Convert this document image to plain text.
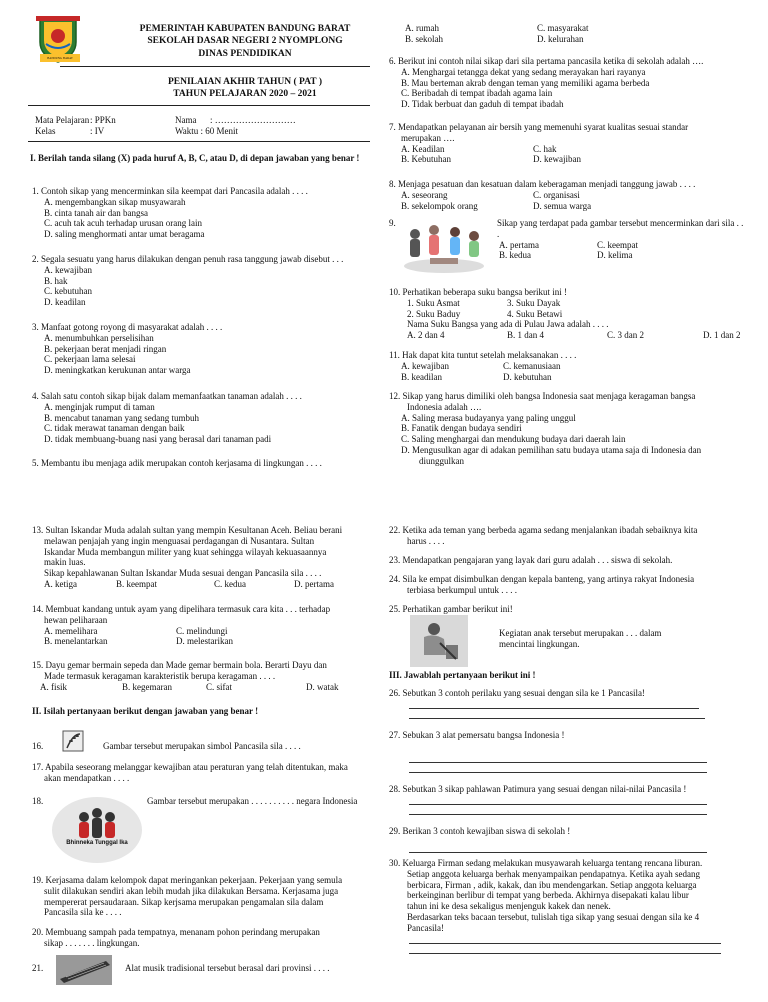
BANDUNG BARAT
PEMERINTAH KABUPATEN BANDUNG BARAT
SEKOLAH DASAR NEGERI 2 NYOMPLONG
DINAS PENDIDIKAN
PENILAIAN AKHIR TAHUN ( PAT )
TAHUN PELAJARAN 2020 – 2021
Mata Pelajaran : PPKn	Nama	: ………………………
Kelas	: IV	Waktu : 60 Menit
I. Berilah tanda silang (X) pada huruf A, B, C, atau D, di depan jawaban yang benar !
1. Contoh sikap yang mencerminkan sila keempat dari Pancasila adalah . . . .
A. mengembangkan sikap musyawarah
B. cinta tanah air dan bangsa
C. acuh tak acuh terhadap urusan orang lain
D. saling menghormati antar umat beragama
2. Segala sesuatu yang harus dilakukan dengan penuh rasa tanggung jawab disebut . . .
A. kewajiban
B. hak
C. kebutuhan
D. keadilan
3. Manfaat gotong royong di masyarakat adalah . . . .
A. menumbuhkan perselisihan
B. pekerjaan berat menjadi ringan
C. pekerjaan lama selesai
D. meningkatkan kerukunan antar warga
4. Salah satu contoh sikap bijak dalam memanfaatkan tanaman adalah . . . .
A. menginjak rumput di taman
B. mencabut tanaman yang sedang tumbuh
C. tidak merawat tanaman dengan baik
D. tidak membuang-buang nasi yang berasal dari tanaman padi
5. Membantu ibu menjaga adik merupakan contoh kerjasama di lingkungan . . . .
A. rumah	C. masyarakat
B. sekolah	D. kelurahan
6. Berikut ini contoh nilai sikap dari sila pertama pancasila ketika di sekolah adalah ….
A. Menghargai tetangga dekat yang sedang merayakan hari rayanya
B. Mau berteman akrab dengan teman yang memiliki agama berbeda
C. Beribadah di tempat ibadah agama lain
D. Tidak berbuat dan gaduh di tempat ibadah
7. Mendapatkan pelayanan air bersih yang memenuhi syarat kualitas sesuai standar
merupakan ….
A. Keadilan	C. hak
B. Kebutuhan	D. kewajiban
8. Menjaga pesatuan dan kesatuan dalam keberagaman menjadi tanggung jawab . . . .
A. seseorang	C. organisasi
B. sekelompok orang	D. semua warga
9.	Sikap yang terdapat pada gambar tersebut mencerminkan dari sila . . .
A. pertama	C. keempat
B. kedua	D. kelima
10. Perhatikan beberapa suku bangsa berikut ini !
1. Suku Asmat	3. Suku Dayak
2. Suku Baduy	4. Suku Betawi
Nama Suku Bangsa yang ada di Pulau Jawa adalah . . . .
A. 2 dan 4	B. 1 dan 4	C. 3 dan 2	D. 1 dan 2
11. Hak dapat kita tuntut setelah melaksanakan . . . .
A. kewajiban	C. kemanusiaan
B. keadilan	D. kebutuhan
12. Sikap yang harus dimiliki oleh bangsa Indonesia saat menjaga keragaman bangsa
Indonesia adalah ….
A. Saling merasa budayanya yang paling unggul
B. Fanatik dengan budaya sendiri
C. Saling menghargai dan mendukung budaya dari daerah lain
D. Mengusulkan agar di adakan pemilihan satu budaya utama saja di Indonesia dan
diunggulkan
13. Sultan Iskandar Muda adalah sultan yang mempin Kesultanan Aceh. Beliau berani
melawan penjajah yang ingin menguasai perdagangan di Nusantara. Sultan
Iskandar Muda membangun militer yang kuat sehingga wilayah kekuasaannya
makin luas.
Sikap kepahlawanan Sultan Iskandar Muda sesuai dengan Pancasila sila . . . .
A. ketiga	B. keempat	C. kedua	D. pertama
14. Membuat kandang untuk ayam yang dipelihara termasuk cara kita . . . terhadap
hewan peliharaan
A. memelihara	C. melindungi
B. menelantarkan	D. melestarikan
15. Dayu gemar bermain sepeda dan Made gemar bermain bola. Berarti Dayu dan
Made termasuk keragaman karakteristik berupa keragaman . . . .
A. fisik	B. kegemaran	C. sifat	D. watak
II. Isilah pertanyaan berikut dengan jawaban yang benar !
16.	Gambar tersebut merupakan simbol Pancasila sila . . . .
17. Apabila seseorang melanggar kewajiban atau peraturan yang telah ditentukan, maka
akan mendapatkan . . . .
18.
Bhinneka Tunggal Ika
Gambar tersebut merupakan . . . . . . . . . . negara Indonesia
19. Kerjasama dalam kelompok dapat meringankan pekerjaan. Pekerjaan yang semula
sulit dilakukan sendiri akan lebih mudah jika dilakukan Bersama. Kerjasama juga
mempererat persaudaraan. Sikap kerjsama merupakan pengamalan sila dalam
Pancasila sila ke . . . .
20. Membuang sampah pada tempatnya, menanam pohon perindang merupakan
sikap . . . . . . . lingkungan.
21.	Alat musik tradisional tersebut berasal dari provinsi . . . .
22. Ketika ada teman yang berbeda agama sedang menjalankan ibadah sebaiknya kita
harus . . . .
23. Mendapatkan pengajaran yang layak dari guru adalah . . . siswa di sekolah.
24. Sila ke empat disimbulkan dengan kepala banteng, yang artinya rakyat Indonesia
terbiasa berkumpul untuk . . . .
25. Perhatikan gambar berikut ini!
Kegiatan anak tersebut merupakan . . . dalam
mencintai lingkungan.
III. Jawablah pertanyaan berikut ini !
26. Sebutkan 3 contoh perilaku yang sesuai dengan sila ke 1 Pancasila!
27. Sebukan 3 alat pemersatu bangsa Indonesia !
28. Sebutkan 3 sikap pahlawan Patimura yang sesuai dengan nilai-nilai Pancasila !
29. Berikan 3 contoh kewajiban siswa di sekolah !
30. Keluarga Firman sedang melakukan musyawarah keluarga tentang rencana liburan.
Setiap anggota keluarga berhak menyampaikan pendapatnya. Ketika ayah sedang
berbicara, Firman , adik, kakak, dan ibu mendengarkan. Setiap anggota keluarga
berkeinginan berlibur di tempat yang berbeda. Akhirnya disepakati kalau libur
tahun ini ke desa sekaligus menjenguk kakek dan nenek.
Berdasarkan teks bacaan tersebut, tulislah tiga sikap yang sesuai dengan sila ke 4
Pancasila!
